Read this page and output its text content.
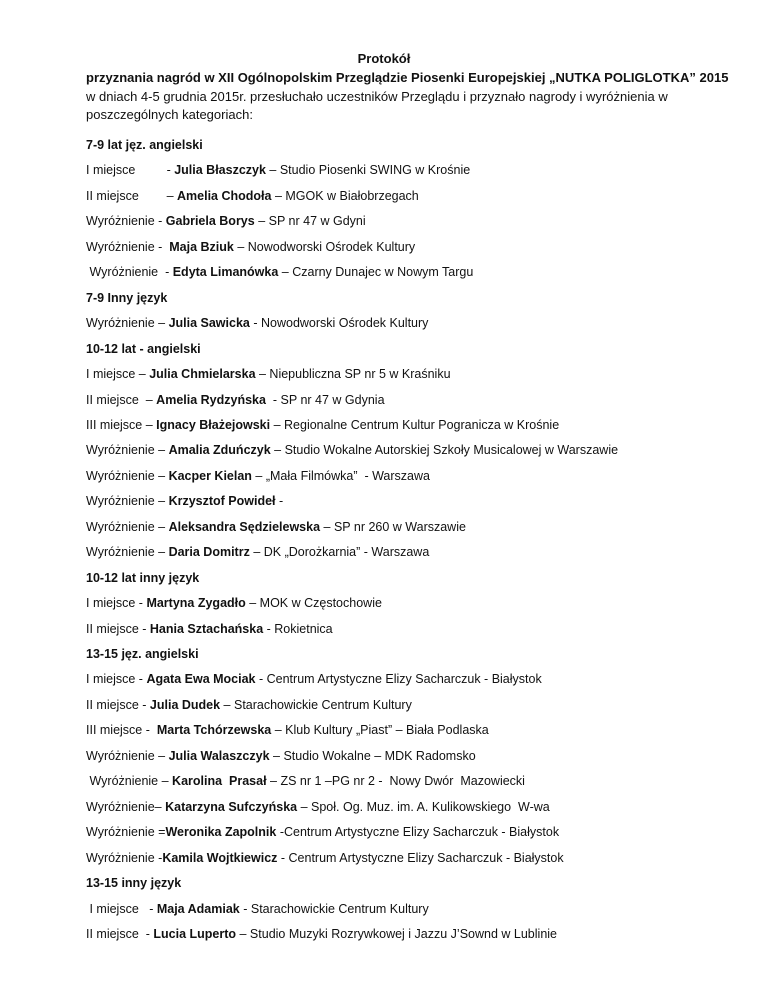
Protokół
przyznania nagród w XII Ogólnopolskim Przeglądzie Piosenki Europejskiej „NUTKA POLIGLOTKA” 2015
w dniach 4-5 grudnia 2015r. przesłuchało uczestników Przeglądu i przyznało nagrody i wyróżnienia w
poszczególnych kategoriach:
7-9 lat jęz. angielski
I miejsce         - Julia Błaszczyk – Studio Piosenki SWING w Krośnie
II miejsce        – Amelia Chodoła – MGOK w Białobrzegach
Wyróżnienie - Gabriela Borys – SP nr 47 w Gdyni
Wyróżnienie -  Maja Bziuk – Nowodworski Ośrodek Kultury
Wyróżnienie  - Edyta Limanówka – Czarny Dunajec w Nowym Targu
7-9 Inny język
Wyróżnienie – Julia Sawicka - Nowodworski Ośrodek Kultury
10-12 lat - angielski
I miejsce – Julia Chmielarska – Niepubliczna SP nr 5 w Kraśniku
II miejsce  – Amelia Rydzyńska  - SP nr 47 w Gdynia
III miejsce – Ignacy Błażejowski – Regionalne Centrum Kultur Pogranicza w Krośnie
Wyróżnienie – Amalia Zduńczyk – Studio Wokalne Autorskiej Szkoły Musicalowej w Warszawie
Wyróżnienie – Kacper Kielan – „Mała Filmówka”  - Warszawa
Wyróżnienie – Krzysztof Powideł -
Wyróżnienie – Aleksandra Sędzielewska – SP nr 260 w Warszawie
Wyróżnienie – Daria Domitrz – DK „Dorożkarnia” - Warszawa
10-12 lat inny język
I miejsce - Martyna Zygadło – MOK w Częstochowie
II miejsce - Hania Sztachańska - Rokietnica
13-15 jęz. angielski
I miejsce - Agata Ewa Mociak - Centrum Artystyczne Elizy Sacharczuk - Białystok
II miejsce - Julia Dudek – Starachowickie Centrum Kultury
III miejsce -  Marta Tchórzewska – Klub Kultury „Piast” – Biała Podlaska
Wyróżnienie – Julia Walaszczyk – Studio Wokalne – MDK Radomsko
Wyróżnienie – Karolina  Prasał – ZS nr 1 –PG nr 2 -  Nowy Dwór  Mazowiecki
Wyróżnienie– Katarzyna Sufczyńska – Społ. Og. Muz. im. A. Kulikowskiego  W-wa
Wyróżnienie =Weronika Zapolnik -Centrum Artystyczne Elizy Sacharczuk - Białystok
Wyróżnienie -Kamila Wojtkiewicz - Centrum Artystyczne Elizy Sacharczuk - Białystok
13-15 inny język
I miejsce   - Maja Adamiak - Starachowickie Centrum Kultury
II miejsce  - Lucia Luperto – Studio Muzyki Rozrywkowej i Jazzu J’Sownd w Lublinie
